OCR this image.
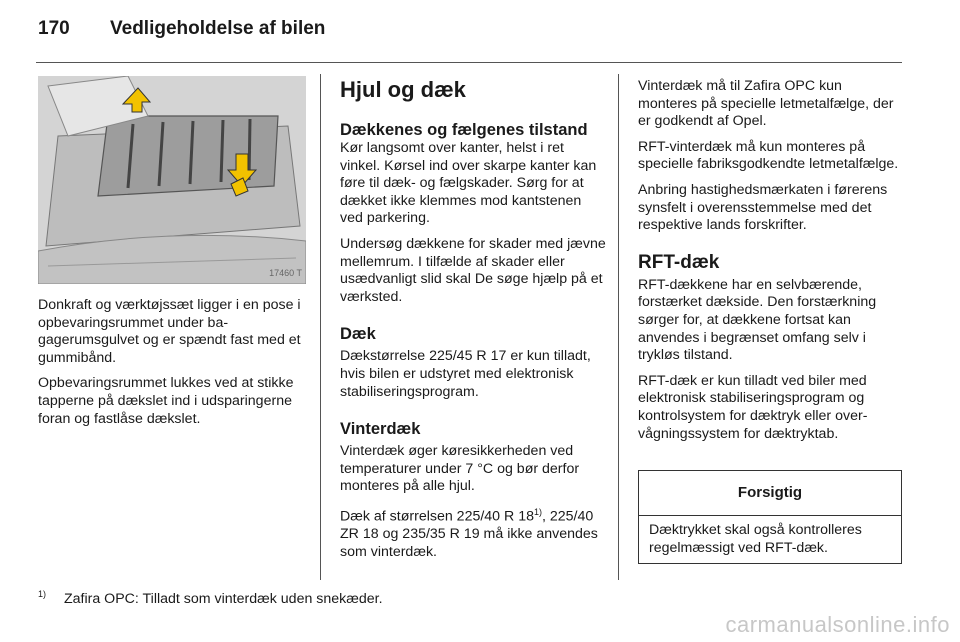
170 Vedligeholdelse af bilen
17460 T

Donkraft og værktøjssæt ligger i en pose i opbevaringsrummet under bagagerumsgulvet og er spændt fast med et gummibånd.

Opbevaringsrummet lukkes ved at stikke tapperne på dækslet ind i udsparingerne foran og fastlåse dækslet.

Hjul og dæk
Dækkenes og fælgenes tilstand

Kør langsomt over kanter, helst i ret vinkel. Kørsel ind over skarpe kanter kan føre til dæk- og fælgskader. Sørg for at dækket ikke klemmes mod kantstenen ved parkering.

Undersøg dækkene for skader med jævne mellemrum. I tilfælde af skader eller usædvanligt slid skal De søge hjælp på et værksted.

Dæk

Dækstørrelse 225/45 R 17 er kun tilladt, hvis bilen er udstyret med elektronisk stabiliseringsprogram.

Vinterdæk

Vinterdæk øger køresikkerheden ved temperaturer under 7 °C og bør derfor monteres på alle hjul.

Dæk af størrelsen 225/40 R 18$^{1)}$, 225/40 ZR 18 og 235/35 R 19 må ikke anvendes som vinterdæk.

Vinterdæk må til Zafira OPC kun monteres på specielle letmetalfælge, der er godkendt af Opel.

RFT-vinterdæk må kun monteres på specielle fabriksgodkendte letmetalfælge.

Anbring hastighedsmærkaten i førerens synsfelt i overensstemmelse med det respektive lands forskrifter.

RFT-dæk

RFT-dækkene har en selvbærende, forstærket dækside. Den forstærkning sørger for, at dækkene fortsat kan anvendes i begrænset omfang selv i trykløs tilstand.

RFT-dæk er kun tilladt ved biler med elektronisk stabiliseringsprogram og kontrolsystem for dæktryk eller overvågningssystem for dæktryktab.

Forsigtig
Dæktrykket skal også kontrolleres regelmæssigt ved RFT-dæk.
$^{1)}$ Zafira OPC: Tilladt som vinterdæk uden snekæder.
carmanualsonline.info
